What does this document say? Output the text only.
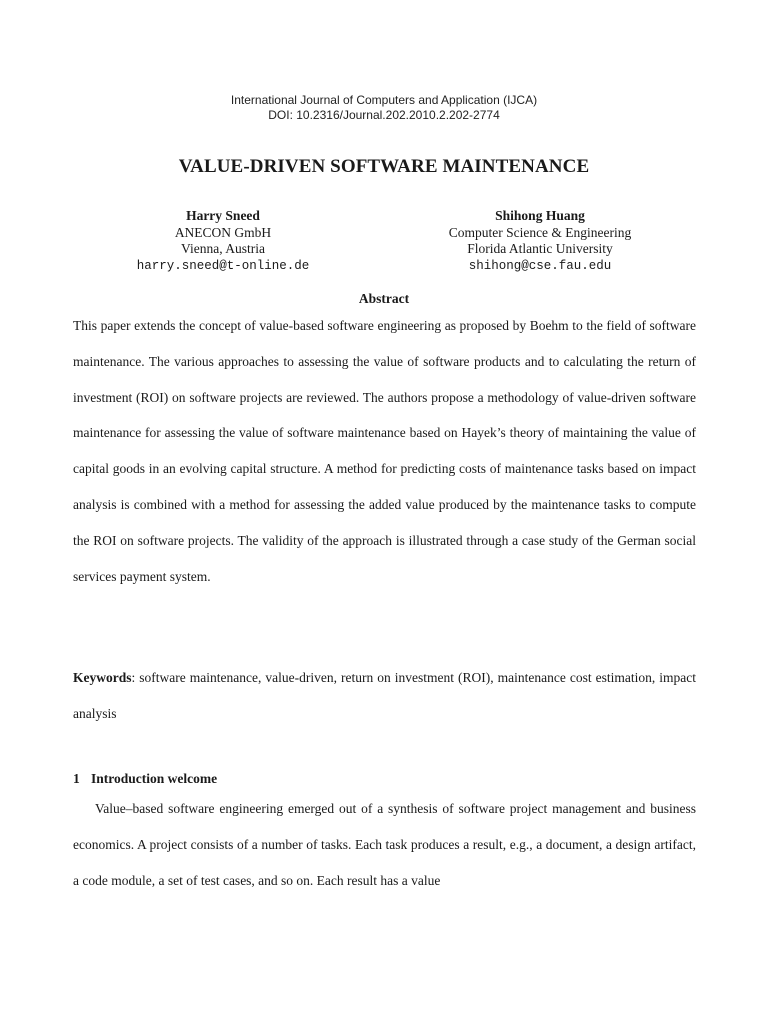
International Journal of Computers and Application (IJCA)
DOI: 10.2316/Journal.202.2010.2.202-2774
VALUE-DRIVEN SOFTWARE MAINTENANCE
Harry Sneed
ANECON GmbH
Vienna, Austria
harry.sneed@t-online.de
Shihong Huang
Computer Science & Engineering
Florida Atlantic University
shihong@cse.fau.edu
Abstract

This paper extends the concept of value-based software engineering as proposed by Boehm to the field of software maintenance. The various approaches to assessing the value of software products and to calculating the return of investment (ROI) on software projects are reviewed. The authors propose a methodology of value-driven software maintenance for assessing the value of software maintenance based on Hayek’s theory of maintaining the value of capital goods in an evolving capital structure. A method for predicting costs of maintenance tasks based on impact analysis is combined with a method for assessing the added value produced by the maintenance tasks to compute the ROI on software projects. The validity of the approach is illustrated through a case study of the German social services payment system.

Keywords: software maintenance, value-driven, return on investment (ROI), maintenance cost estimation, impact analysis

1 Introduction welcome

Value–based software engineering emerged out of a synthesis of software project management and business economics. A project consists of a number of tasks. Each task produces a result, e.g., a document, a design artifact, a code module, a set of test cases, and so on. Each result has a value
